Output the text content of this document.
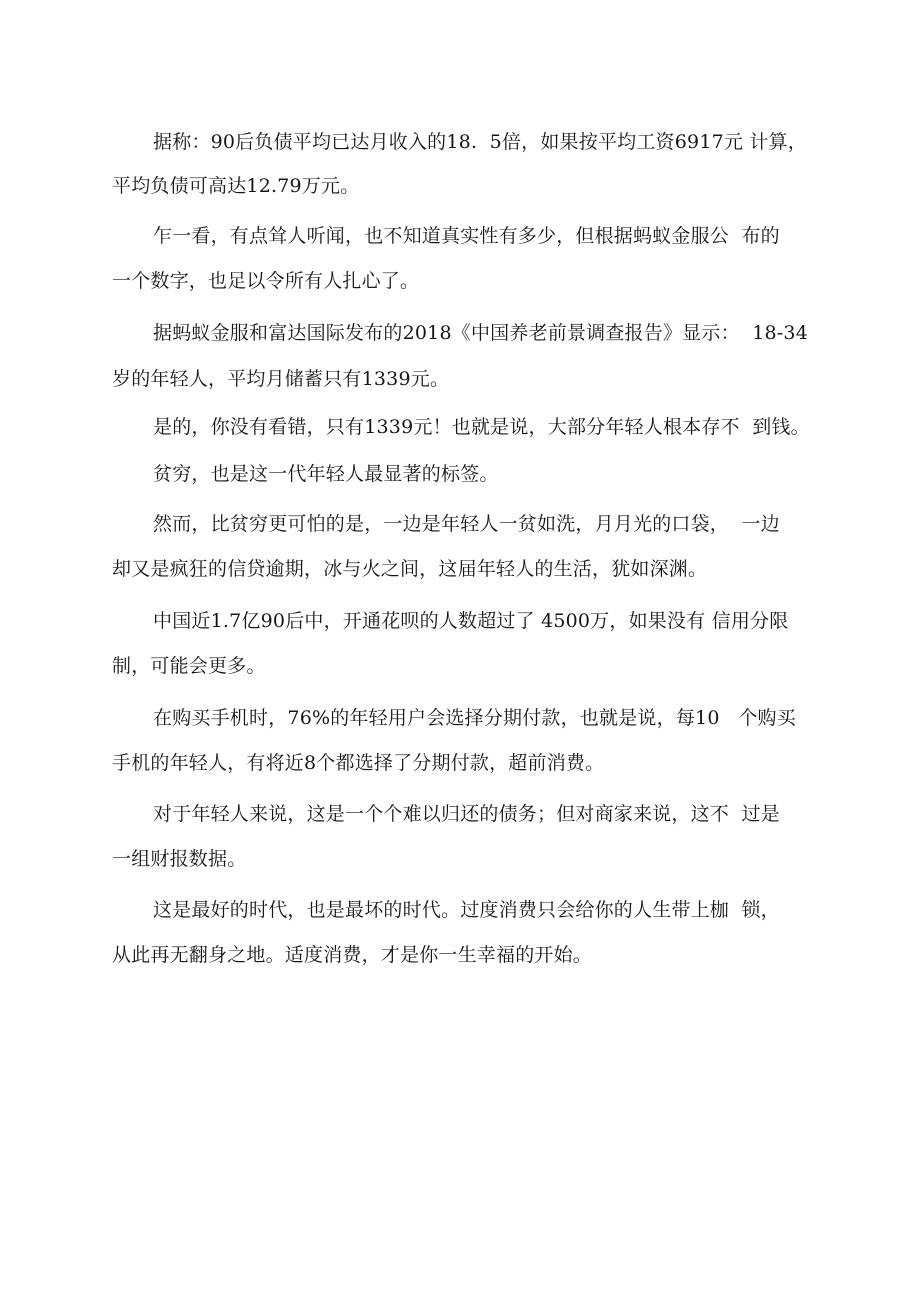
据称：90后负债平均已达月收入的18.  5倍，如果按平均工资6917元 计算，
平均负债可高达12.79万元。
乍一看，有点耸人听闻，也不知道真实性有多少，但根据蚂蚁金服公  布的
一个数字，也足以令所有人扎心了。
据蚂蚁金服和富达国际发布的2018《中国养老前景调查报告》显示：  18-34
岁的年轻人，平均月储蓄只有1339元。
是的，你没有看错，只有1339元！也就是说，大部分年轻人根本存不  到钱。
贫穷，也是这一代年轻人最显著的标签。
然而，比贫穷更可怕的是，一边是年轻人一贫如洗，月月光的口袋，  一边
却又是疯狂的信贷逾期，冰与火之间，这届年轻人的生活，犹如深渊。
中国近1.7亿90后中，开通花呗的人数超过了 4500万，如果没有 信用分限
制，可能会更多。
在购买手机时，76%的年轻用户会选择分期付款，也就是说，每10   个购买
手机的年轻人，有将近8个都选择了分期付款，超前消费。
对于年轻人来说，这是一个个难以归还的债务；但对商家来说，这不  过是
一组财报数据。
这是最好的时代，也是最坏的时代。过度消费只会给你的人生带上枷  锁，
从此再无翻身之地。适度消费，才是你一生幸福的开始。
